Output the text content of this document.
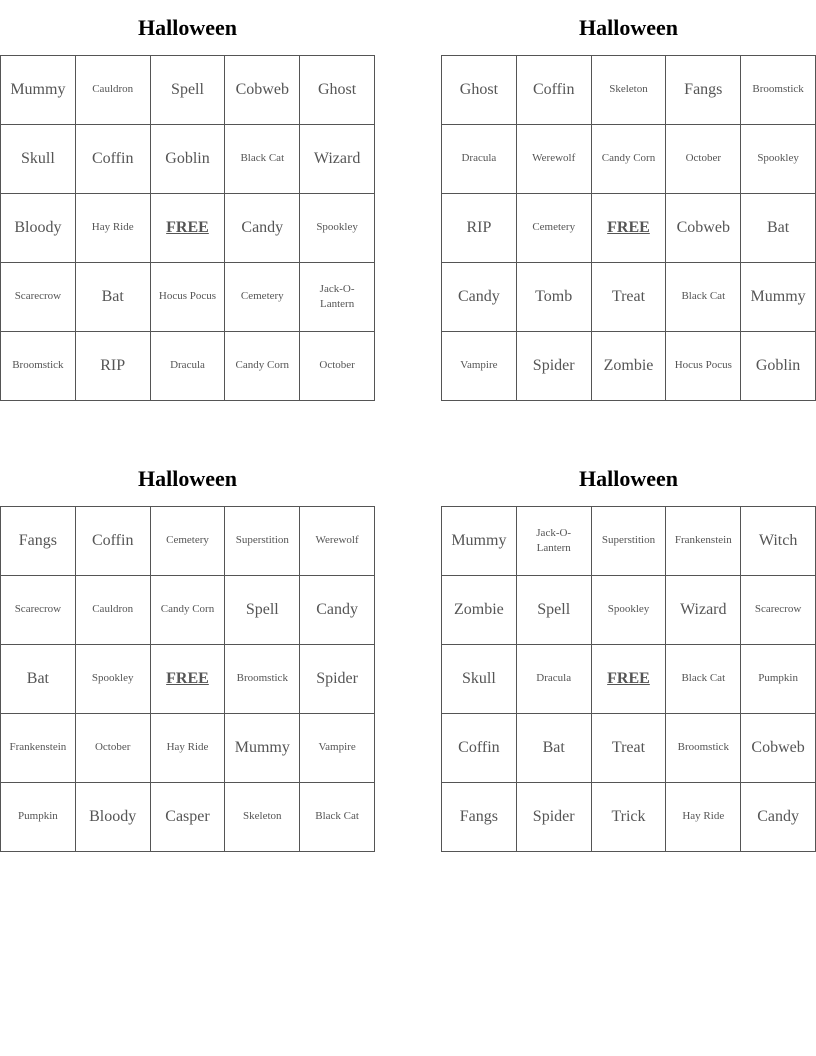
Halloween
Mummy	Cauldron	Spell	Cobweb	Ghost
Skull	Coffin	Goblin	Black Cat	Wizard
Bloody	Hay Ride	FREE	Candy	Spookley
Scarecrow	Bat	Hocus Pocus	Cemetery	Jack-O-Lantern
Broomstick	RIP	Dracula	Candy Corn	October
Halloween
Ghost	Coffin	Skeleton	Fangs	Broomstick
Dracula	Werewolf	Candy Corn	October	Spookley
RIP	Cemetery	FREE	Cobweb	Bat
Candy	Tomb	Treat	Black Cat	Mummy
Vampire	Spider	Zombie	Hocus Pocus	Goblin
Halloween
Fangs	Coffin	Cemetery	Superstition	Werewolf
Scarecrow	Cauldron	Candy Corn	Spell	Candy
Bat	Spookley	FREE	Broomstick	Spider
Frankenstein	October	Hay Ride	Mummy	Vampire
Pumpkin	Bloody	Casper	Skeleton	Black Cat
Halloween
Mummy	Jack-O-Lantern	Superstition	Frankenstein	Witch
Zombie	Spell	Spookley	Wizard	Scarecrow
Skull	Dracula	FREE	Black Cat	Pumpkin
Coffin	Bat	Treat	Broomstick	Cobweb
Fangs	Spider	Trick	Hay Ride	Candy
